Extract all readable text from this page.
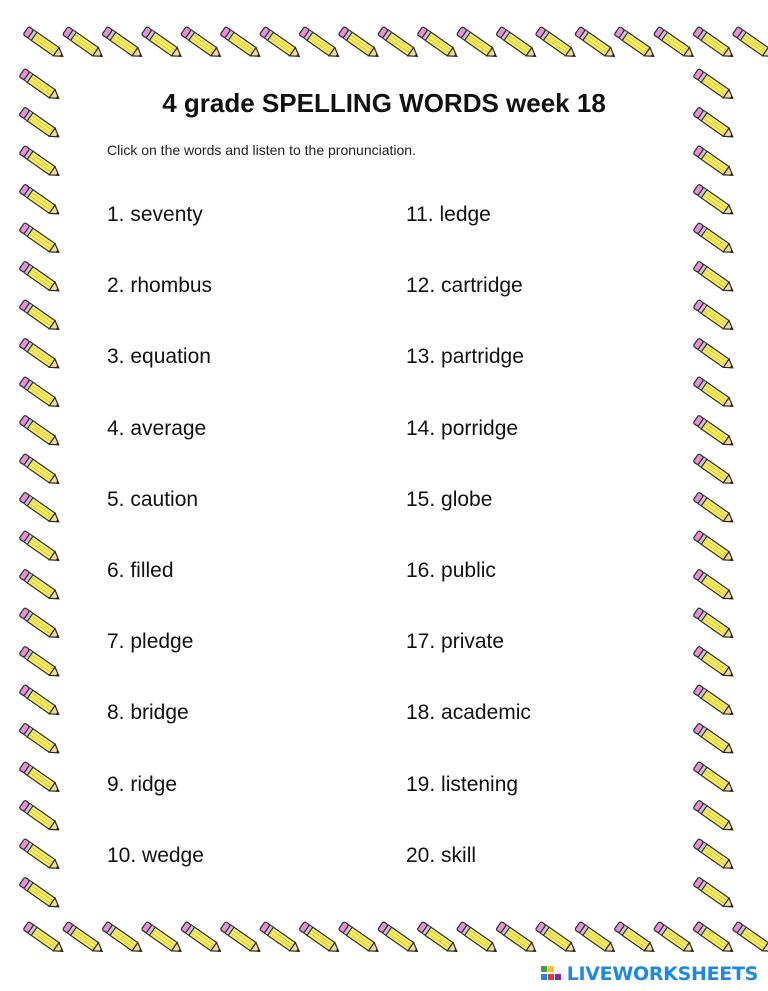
4 grade SPELLING WORDS week 18
Click on the words and listen to the pronunciation.
1. seventy
2. rhombus
3. equation
4. average
5. caution
6. filled
7. pledge
8. bridge
9. ridge
10. wedge
11. ledge
12. cartridge
13. partridge
14. porridge
15. globe
16. public
17. private
18. academic
19. listening
20. skill
LIVEWORKSHEETS
